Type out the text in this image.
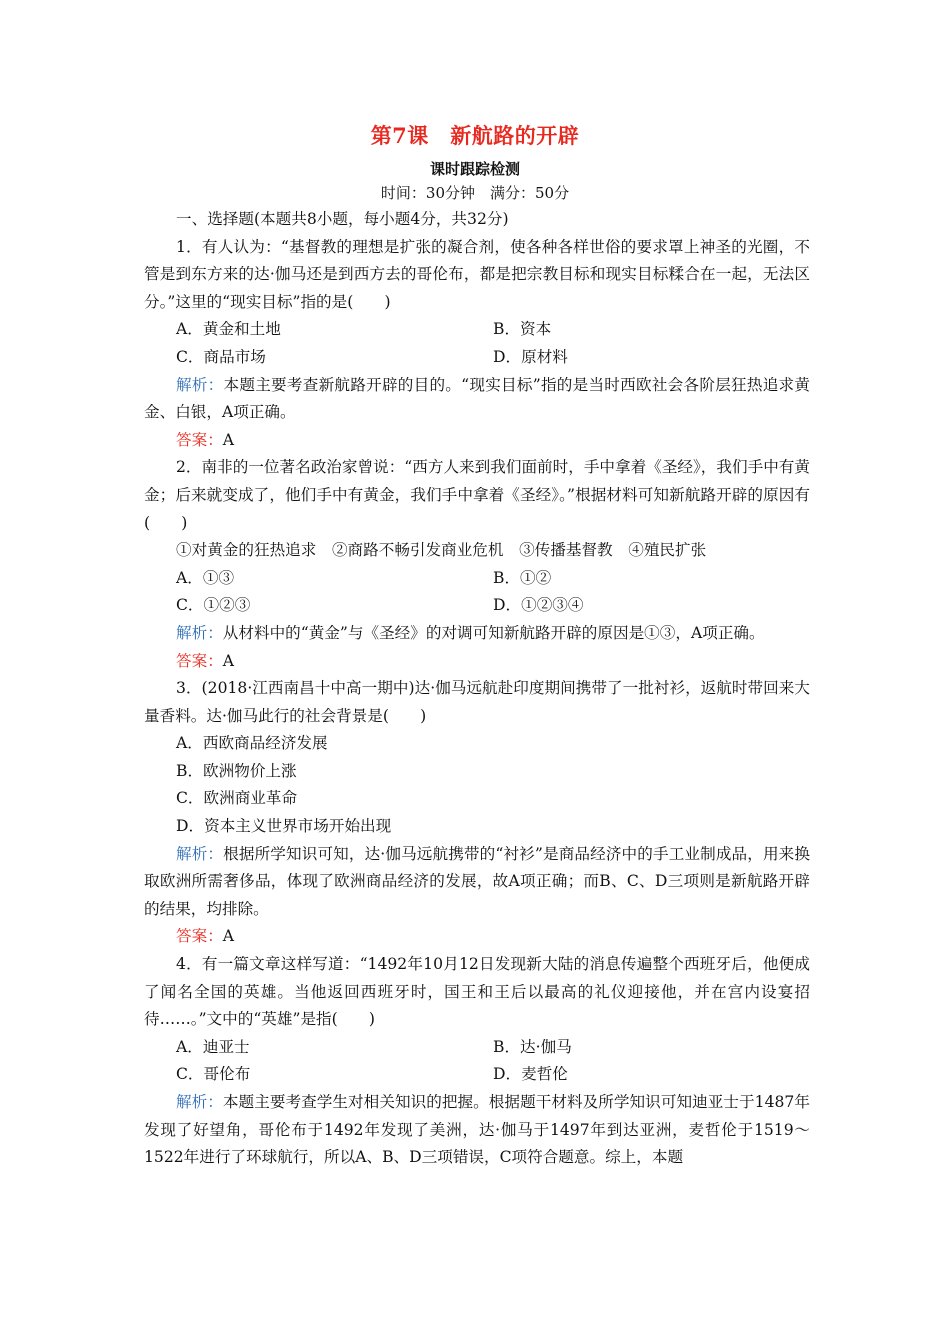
第7课　新航路的开辟
课时跟踪检测
时间：30分钟　满分：50分
一、选择题(本题共8小题，每小题4分，共32分)
1．有人认为：“基督教的理想是扩张的凝合剂，使各种各样世俗的要求罩上神圣的光圈，不管是到东方来的达·伽马还是到西方去的哥伦布，都是把宗教目标和现实目标糅合在一起，无法区分。”这里的“现实目标”指的是(　　)
A．黄金和土地	B．资本
C．商品市场	D．原材料
解析：本题主要考查新航路开辟的目的。“现实目标”指的是当时西欧社会各阶层狂热追求黄金、白银，A项正确。
答案：A
2．南非的一位著名政治家曾说：“西方人来到我们面前时，手中拿着《圣经》，我们手中有黄金；后来就变成了，他们手中有黄金，我们手中拿着《圣经》。”根据材料可知新航路开辟的原因有(　　)
①对黄金的狂热追求　②商路不畅引发商业危机　③传播基督教　④殖民扩张
A．①③	B．①②
C．①②③	D．①②③④
解析：从材料中的“黄金”与《圣经》的对调可知新航路开辟的原因是①③，A项正确。
答案：A
3．(2018·江西南昌十中高一期中)达·伽马远航赴印度期间携带了一批衬衫，返航时带回来大量香料。达·伽马此行的社会背景是(　　)
A．西欧商品经济发展
B．欧洲物价上涨
C．欧洲商业革命
D．资本主义世界市场开始出现
解析：根据所学知识可知，达·伽马远航携带的“衬衫”是商品经济中的手工业制成品，用来换取欧洲所需奢侈品，体现了欧洲商品经济的发展，故A项正确；而B、C、D三项则是新航路开辟的结果，均排除。
答案：A
4．有一篇文章这样写道：“1492年10月12日发现新大陆的消息传遍整个西班牙后，他便成了闻名全国的英雄。当他返回西班牙时，国王和王后以最高的礼仪迎接他，并在宫内设宴招待……。”文中的“英雄”是指(　　)
A．迪亚士	B．达·伽马
C．哥伦布	D．麦哲伦
解析：本题主要考查学生对相关知识的把握。根据题干材料及所学知识可知迪亚士于1487年发现了好望角，哥伦布于1492年发现了美洲，达·伽马于1497年到达亚洲，麦哲伦于1519～1522年进行了环球航行，所以A、B、D三项错误，C项符合题意。综上，本题
